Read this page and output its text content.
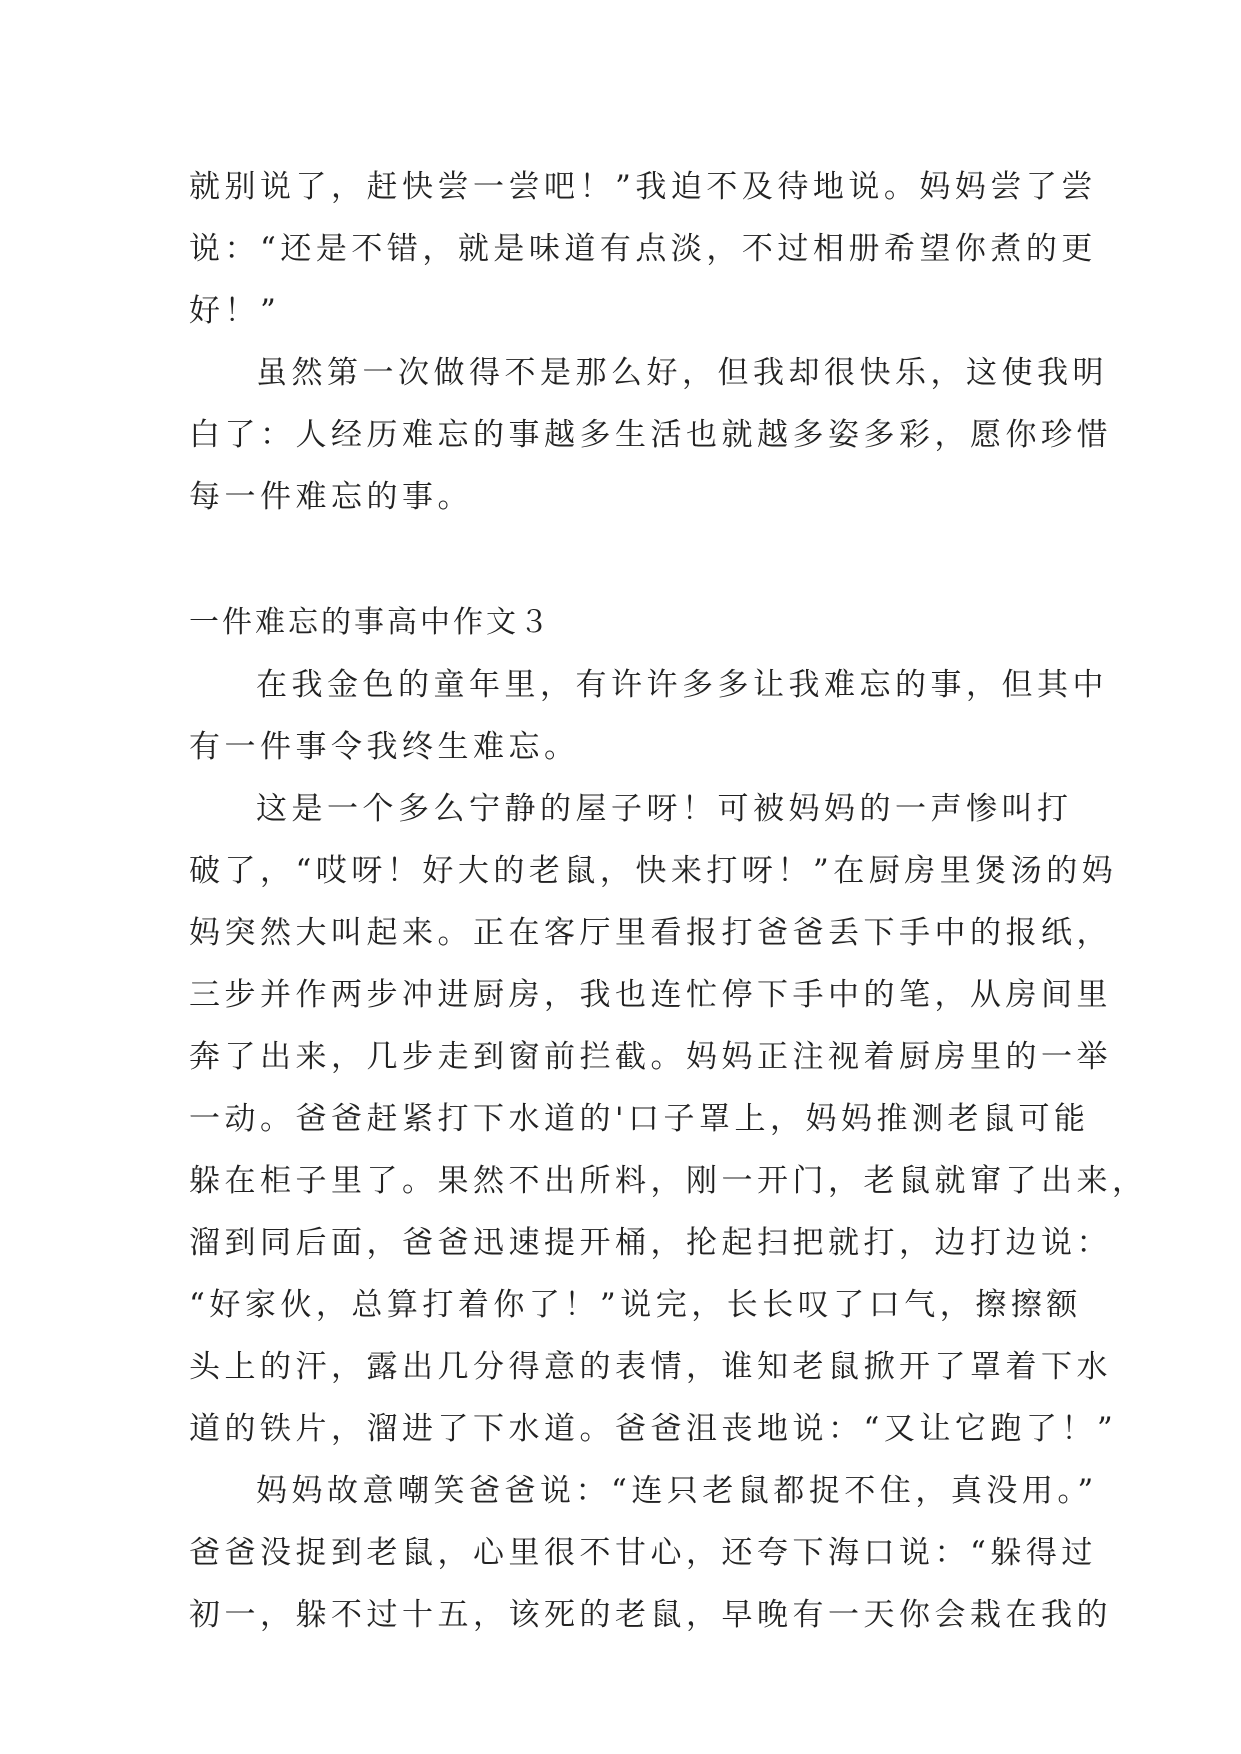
就别说了，赶快尝一尝吧！”我迫不及待地说。妈妈尝了尝
说：“还是不错，就是味道有点淡，不过相册希望你煮的更
好！”
虽然第一次做得不是那么好，但我却很快乐，这使我明
白了：人经历难忘的事越多生活也就越多姿多彩，愿你珍惜
每一件难忘的事。
一件难忘的事高中作文３
在我金色的童年里，有许许多多让我难忘的事，但其中
有一件事令我终生难忘。
这是一个多么宁静的屋子呀！可被妈妈的一声惨叫打
破了，“哎呀！好大的老鼠，快来打呀！”在厨房里煲汤的妈
妈突然大叫起来。正在客厅里看报打爸爸丢下手中的报纸，
三步并作两步冲进厨房，我也连忙停下手中的笔，从房间里
奔了出来，几步走到窗前拦截。妈妈正注视着厨房里的一举
一动。爸爸赶紧打下水道的'口子罩上，妈妈推测老鼠可能
躲在柜子里了。果然不出所料，刚一开门，老鼠就窜了出来，
溜到同后面，爸爸迅速提开桶，抡起扫把就打，边打边说：
“好家伙，总算打着你了！”说完，长长叹了口气，擦擦额
头上的汗，露出几分得意的表情，谁知老鼠掀开了罩着下水
道的铁片，溜进了下水道。爸爸沮丧地说：“又让它跑了！”
妈妈故意嘲笑爸爸说：“连只老鼠都捉不住，真没用。”
爸爸没捉到老鼠，心里很不甘心，还夸下海口说：“躲得过
初一，躲不过十五，该死的老鼠，早晚有一天你会栽在我的
